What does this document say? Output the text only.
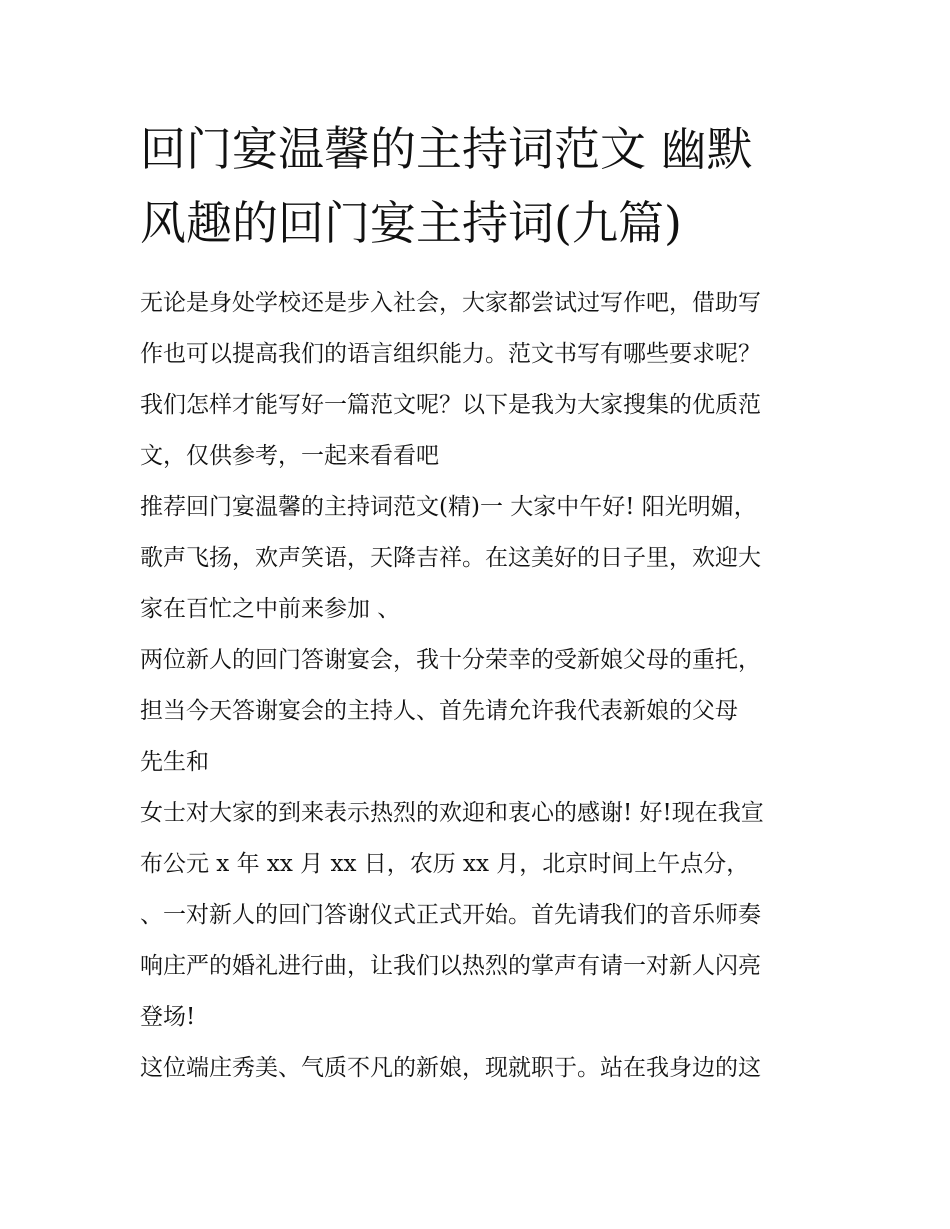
回门宴温馨的主持词范文 幽默
风趣的回门宴主持词(九篇)
无论是身处学校还是步入社会，大家都尝试过写作吧，借助写
作也可以提高我们的语言组织能力。范文书写有哪些要求呢？
我们怎样才能写好一篇范文呢？以下是我为大家搜集的优质范
文，仅供参考，一起来看看吧
推荐回门宴温馨的主持词范文(精)一 大家中午好! 阳光明媚，
歌声飞扬，欢声笑语，天降吉祥。在这美好的日子里，欢迎大
家在百忙之中前来参加 、
两位新人的回门答谢宴会，我十分荣幸的受新娘父母的重托，
担当今天答谢宴会的主持人、首先请允许我代表新娘的父母
先生和
女士对大家的到来表示热烈的欢迎和衷心的感谢! 好!现在我宣
布公元 x 年 xx 月 xx 日，农历 xx 月，北京时间上午点分，
、一对新人的回门答谢仪式正式开始。首先请我们的音乐师奏
响庄严的婚礼进行曲，让我们以热烈的掌声有请一对新人闪亮
登场!
这位端庄秀美、气质不凡的新娘，现就职于。站在我身边的这
